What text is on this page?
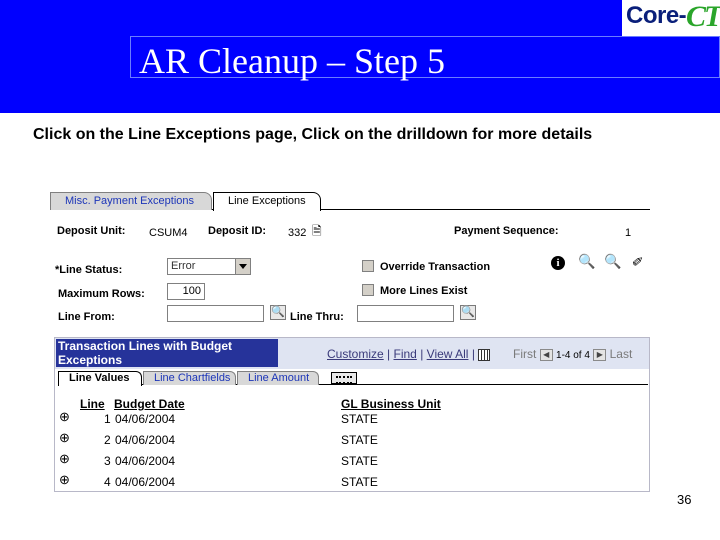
AR Cleanup – Step 5
Core- CT
Click on the Line Exceptions page, Click on the drilldown for more details
Misc. Payment Exceptions	Line Exceptions
Deposit Unit: CSUM4 Deposit ID: 332 🗎	Payment Sequence:	1
*Line Status:	Error	Override Transaction	i	🔍 🔍 ✏
Maximum Rows:	100	More Lines Exist
Line From:	🔍 Line Thru:	🔍
Transaction Lines with Budget Exceptions	Customize | Find | View All |	First ◀ 1-4 of 4 ▶ Last
Line Values	Line Chartfields	Line Amount
Line Budget Date	GL Business Unit
⊕	1 04/06/2004	STATE
⊕	2 04/06/2004	STATE
⊕	3 04/06/2004	STATE
⊕	4 04/06/2004	STATE
36
